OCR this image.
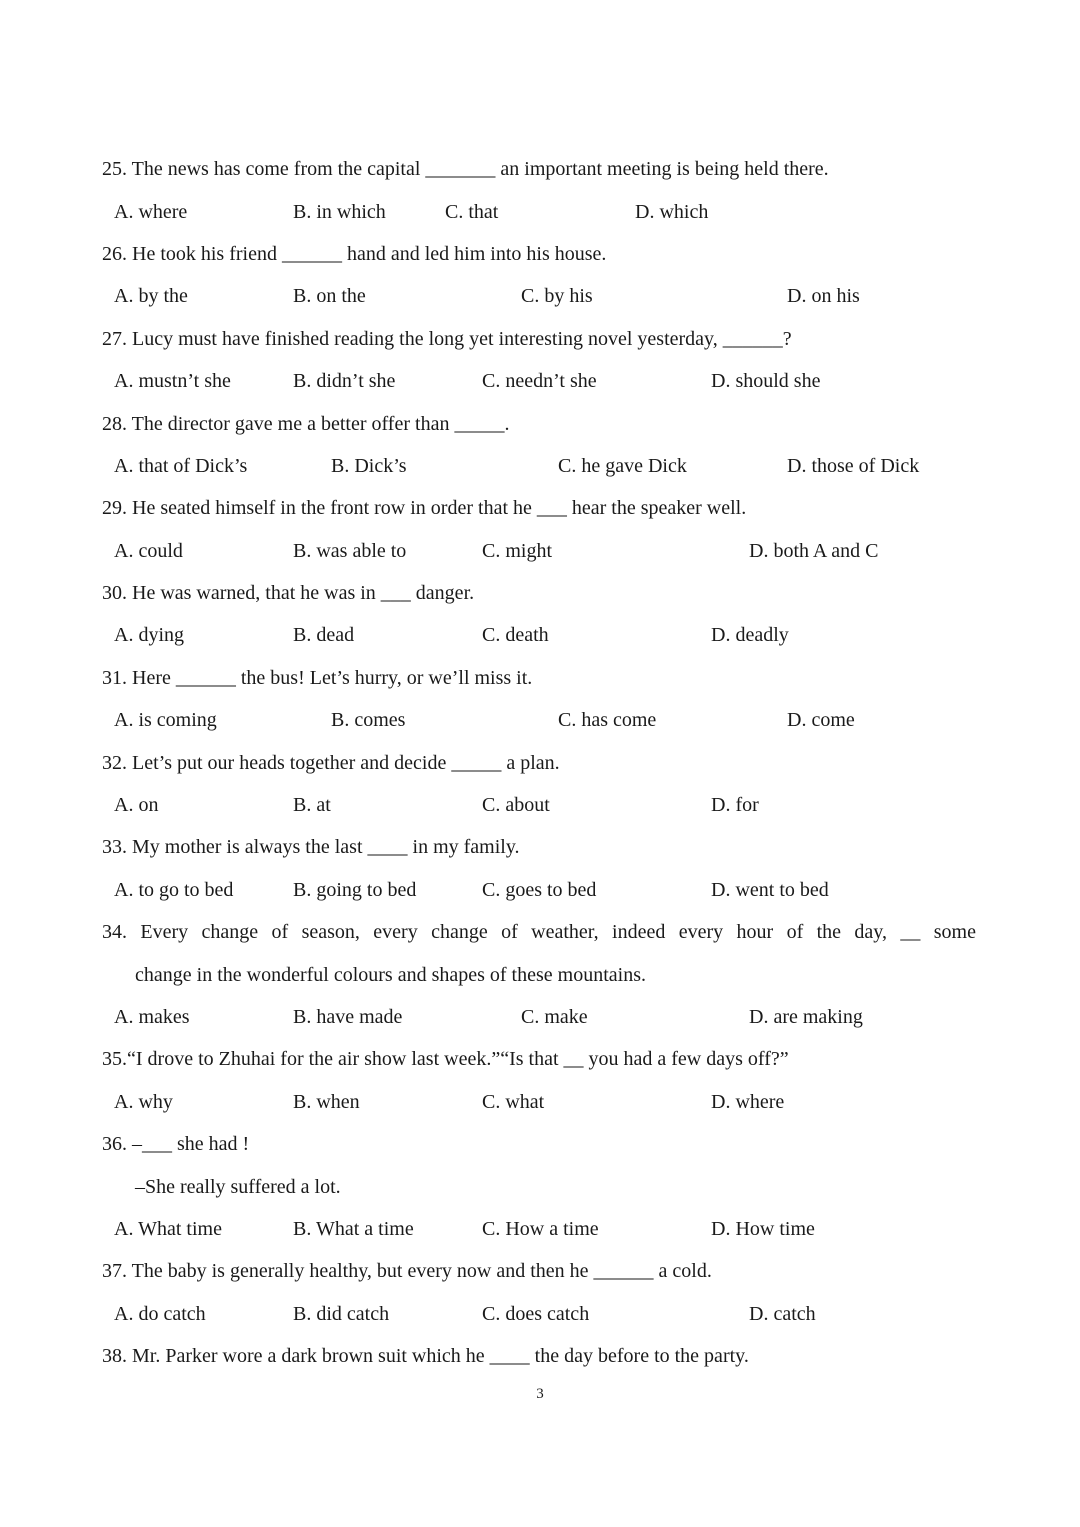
25. The news has come from the capital _______ an important meeting is being held there.
A. where	B. in which	C. that	D. which
26. He took his friend ______ hand and led him into his house.
A. by the	B. on the	C. by his	D. on his
27. Lucy must have finished reading the long yet interesting novel yesterday, ______?
A. mustn’t she	B. didn’t she	C. needn’t she	D. should she
28. The director gave me a better offer than _____.
A. that of Dick’s	B. Dick’s	C. he gave Dick	D. those of Dick
29. He seated himself in the front row in order that he ___ hear the speaker well.
A. could	B. was able to	C. might	D. both A and C
30. He was warned, that he was in ___ danger.
A. dying	B. dead	C. death	D. deadly
31. Here ______ the bus! Let’s hurry, or we’ll miss it.
A. is coming	B. comes	C. has come	D. come
32. Let’s put our heads together and decide _____ a plan.
A. on	B. at	C. about	D. for
33. My mother is always the last ____ in my family.
A. to go to bed	B. going to bed	C. goes to bed	D. went to bed
34. Every change of season, every change of weather, indeed every hour of the day, __ some
change in the wonderful colours and shapes of these mountains.
A. makes	B. have made	C. make	D. are making
35.“I drove to Zhuhai for the air show last week.”“Is that __ you had a few days off?”
A. why	B. when	C. what	D. where
36. –___ she had !
–She really suffered a lot.
A. What time	B. What a time	C. How a time	D. How time
37. The baby is generally healthy, but every now and then he ______ a cold.
A. do catch	B. did catch	C. does catch	D. catch
38. Mr. Parker wore a dark brown suit which he ____ the day before to the party.
3
